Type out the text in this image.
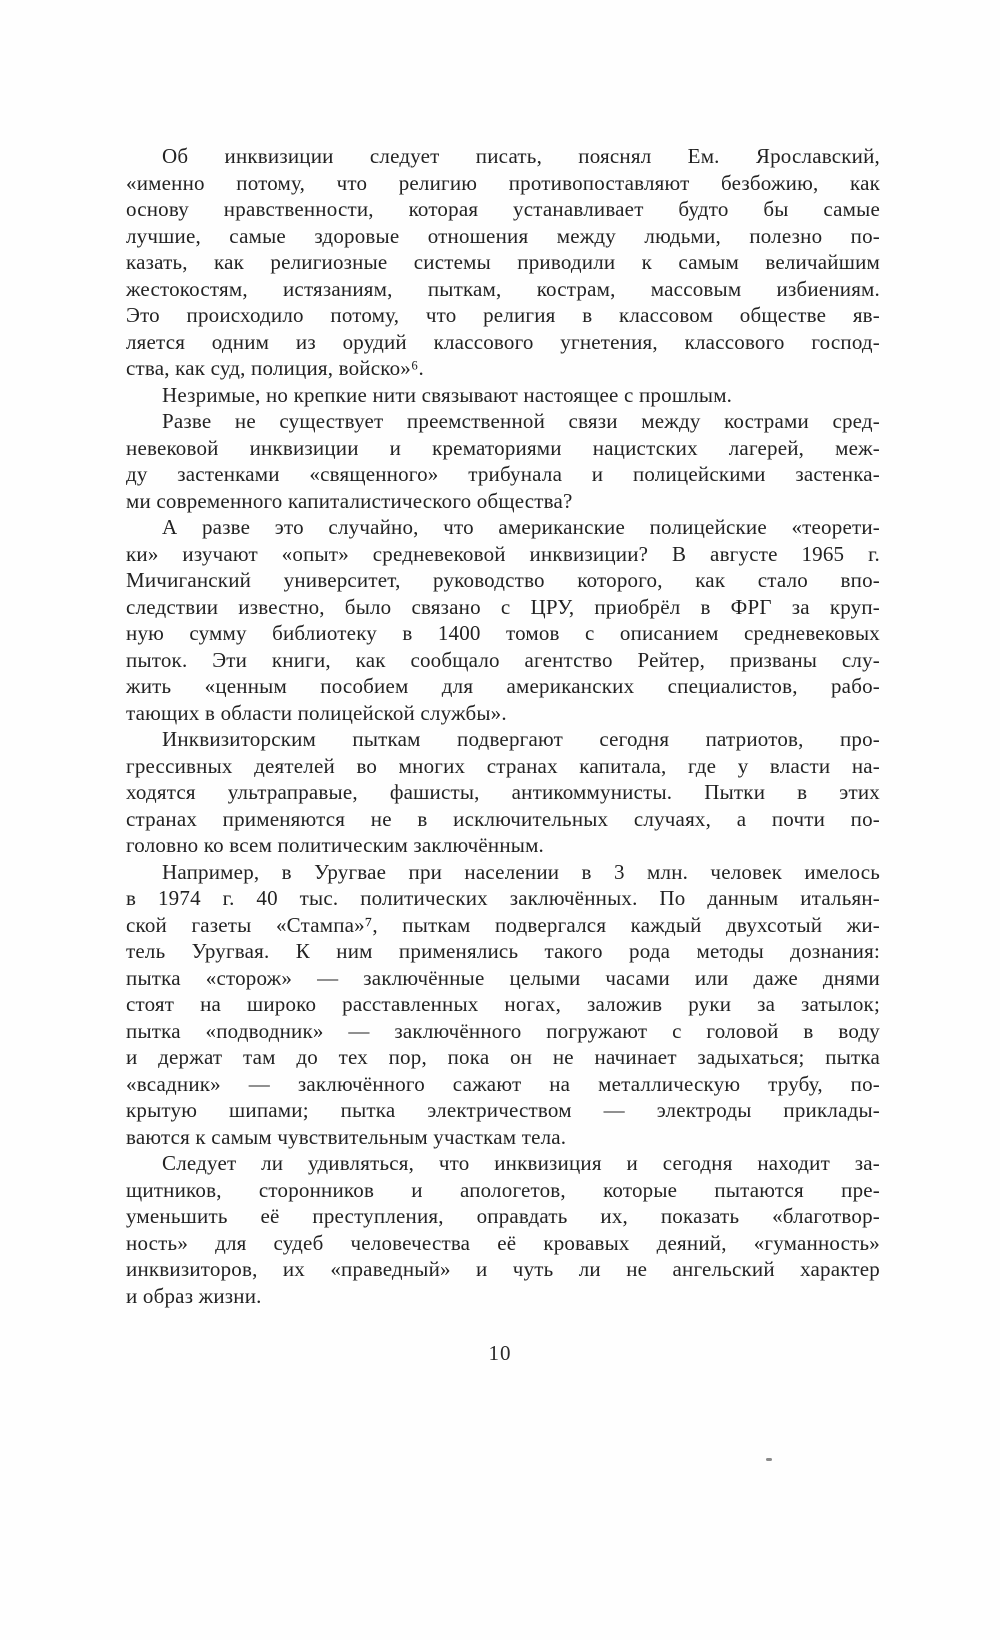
Об инквизиции следует писать, пояснял Ем. Ярославский,
«именно потому, что религию противопоставляют безбожию, как
основу нравственности, которая устанавливает будто бы самые
лучшие, самые здоровые отношения между людьми, полезно по-
казать, как религиозные системы приводили к самым величайшим
жестокостям, истязаниям, пыткам, кострам, массовым избиениям.
Это происходило потому, что религия в классовом обществе яв-
ляется одним из орудий классового угнетения, классового господ-
ства, как суд, полиция, войско»⁶.
Незримые, но крепкие нити связывают настоящее с прошлым.
Разве не существует преемственной связи между кострами сред-
невековой инквизиции и крематориями нацистских лагерей, меж-
ду застенками «священного» трибунала и полицейскими застенка-
ми современного капиталистического общества?
А разве это случайно, что американские полицейские «теорети-
ки» изучают «опыт» средневековой инквизиции? В августе 1965 г.
Мичиганский университет, руководство которого, как стало впо-
следствии известно, было связано с ЦРУ, приобрёл в ФРГ за круп-
ную сумму библиотеку в 1400 томов с описанием средневековых
пыток. Эти книги, как сообщало агентство Рейтер, призваны слу-
жить «ценным пособием для американских специалистов, рабо-
тающих в области полицейской службы».
Инквизиторским пыткам подвергают сегодня патриотов, про-
грессивных деятелей во многих странах капитала, где у власти на-
ходятся ультраправые, фашисты, антикоммунисты. Пытки в этих
странах применяются не в исключительных случаях, а почти по-
головно ко всем политическим заключённым.
Например, в Уругвае при населении в 3 млн. человек имелось
в 1974 г. 40 тыс. политических заключённых. По данным итальян-
ской газеты «Стампа»⁷, пыткам подвергался каждый двухсотый жи-
тель Уругвая. К ним применялись такого рода методы дознания:
пытка «сторож» — заключённые целыми часами или даже днями
стоят на широко расставленных ногах, заложив руки за затылок;
пытка «подводник» — заключённого погружают с головой в воду
и держат там до тех пор, пока он не начинает задыхаться; пытка
«всадник» — заключённого сажают на металлическую трубу, по-
крытую шипами; пытка электричеством — электроды приклады-
ваются к самым чувствительным участкам тела.
Следует ли удивляться, что инквизиция и сегодня находит за-
щитников, сторонников и апологетов, которые пытаются пре-
уменьшить её преступления, оправдать их, показать «благотвор-
ность» для судеб человечества её кровавых деяний, «гуманность»
инквизиторов, их «праведный» и чуть ли не ангельский характер
и образ жизни.
10
